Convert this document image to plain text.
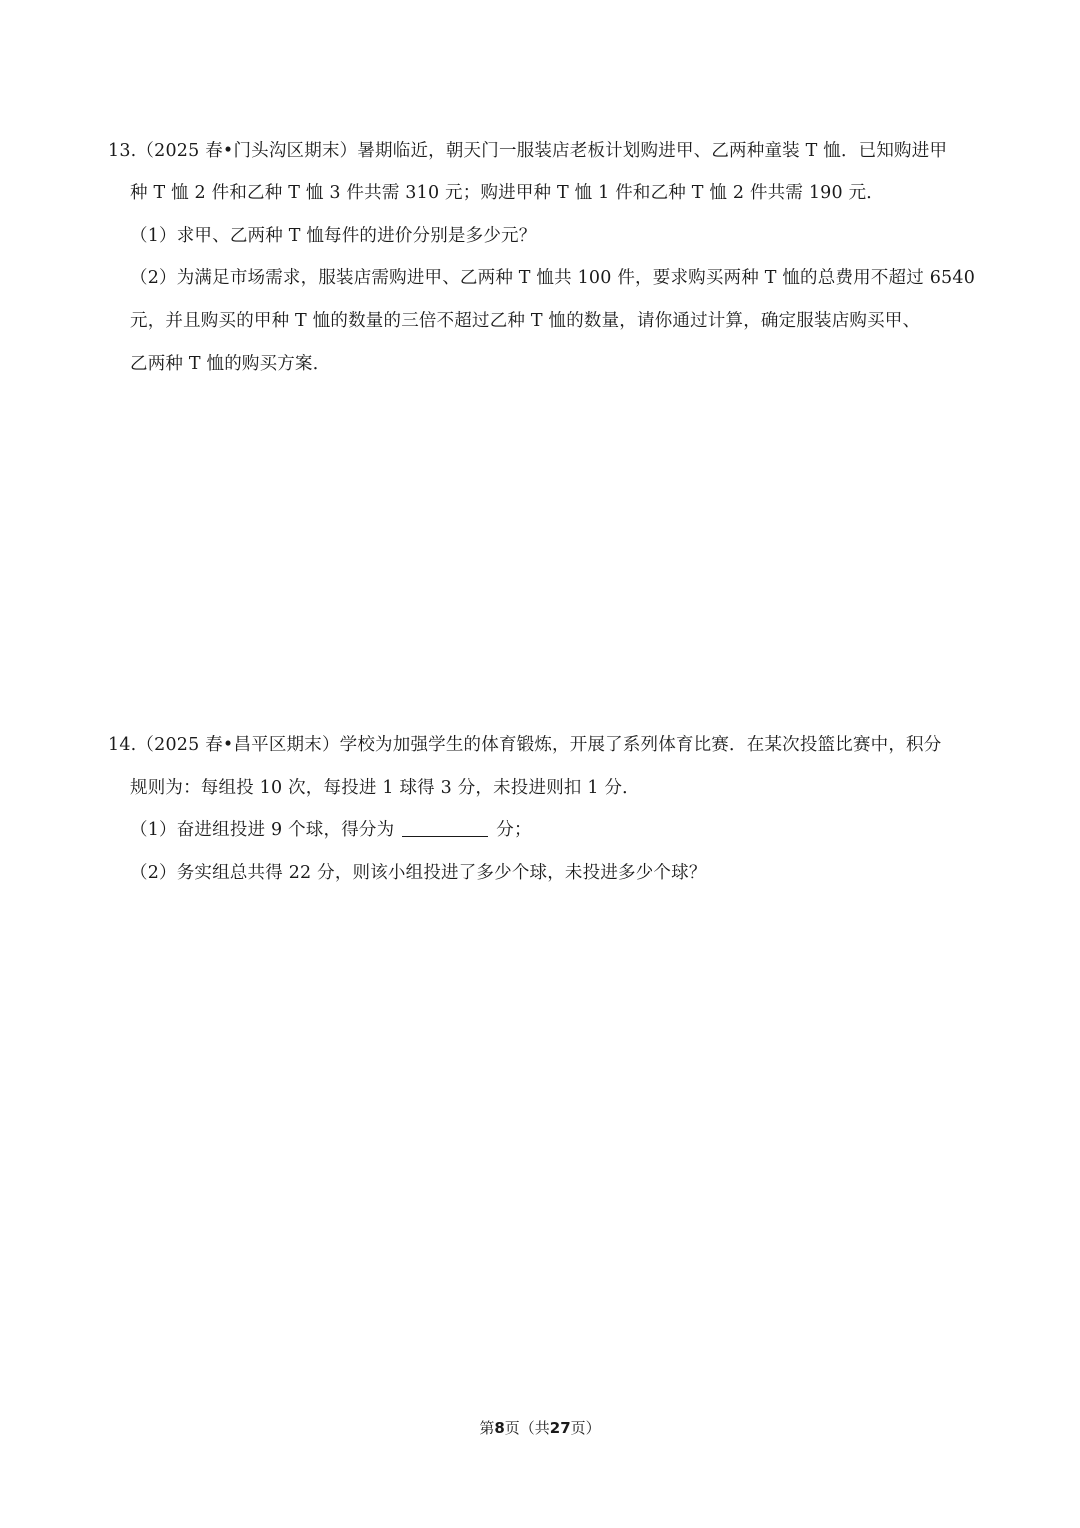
13.（2025 春•门头沟区期末）暑期临近，朝天门一服装店老板计划购进甲、乙两种童装 T 恤．已知购进甲
种 T 恤 2 件和乙种 T 恤 3 件共需 310 元；购进甲种 T 恤 1 件和乙种 T 恤 2 件共需 190 元．
（1）求甲、乙两种 T 恤每件的进价分别是多少元？
（2）为满足市场需求，服装店需购进甲、乙两种 T 恤共 100 件，要求购买两种 T 恤的总费用不超过 6540
元，并且购买的甲种 T 恤的数量的三倍不超过乙种 T 恤的数量，请你通过计算，确定服装店购买甲、
乙两种 T 恤的购买方案．
14.（2025 春•昌平区期末）学校为加强学生的体育锻炼，开展了系列体育比赛．在某次投篮比赛中，积分
规则为：每组投 10 次，每投进 1 球得 3 分，未投进则扣 1 分．
（1）奋进组投进 9 个球，得分为	分；
（2）务实组总共得 22 分，则该小组投进了多少个球，未投进多少个球？
第8页（共27页）
